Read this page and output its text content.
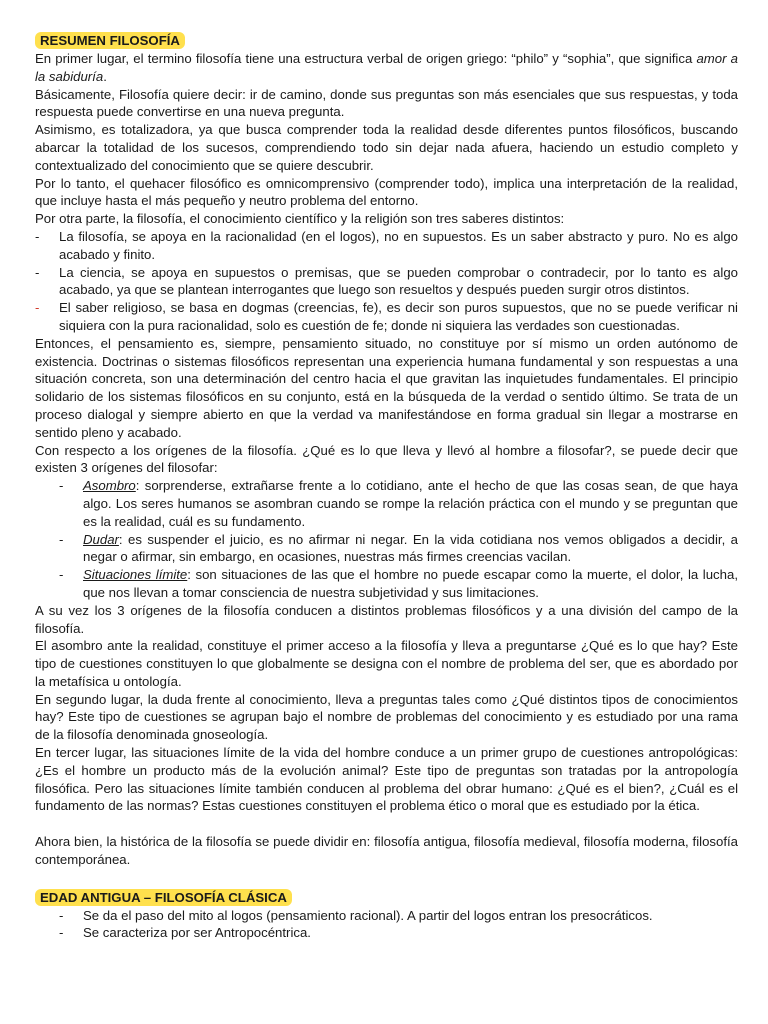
RESUMEN FILOSOFÍA

En primer lugar, el termino filosofía tiene una estructura verbal de origen griego: “philo” y “sophia”, que significa amor a la sabiduría.

Básicamente, Filosofía quiere decir: ir de camino, donde sus preguntas son más esenciales que sus respuestas, y toda respuesta puede convertirse en una nueva pregunta.

Asimismo, es totalizadora, ya que busca comprender toda la realidad desde diferentes puntos filosóficos, buscando abarcar la totalidad de los sucesos, comprendiendo todo sin dejar nada afuera, haciendo un estudio completo y contextualizado del conocimiento que se quiere descubrir.

Por lo tanto, el quehacer filosófico es omnicomprensivo (comprender todo), implica una interpretación de la realidad, que incluye hasta el más pequeño y neutro problema del entorno.

Por otra parte, la filosofía, el conocimiento científico y la religión son tres saberes distintos:

- La filosofía, se apoya en la racionalidad (en el logos), no en supuestos. Es un saber abstracto y puro. No es algo acabado y finito.
- La ciencia, se apoya en supuestos o premisas, que se pueden comprobar o contradecir, por lo tanto es algo acabado, ya que se plantean interrogantes que luego son resueltos y después pueden surgir otros distintos.
- El saber religioso, se basa en dogmas (creencias, fe), es decir son puros supuestos, que no se puede verificar ni siquiera con la pura racionalidad, solo es cuestión de fe; donde ni siquiera las verdades son cuestionadas.

Entonces, el pensamiento es, siempre, pensamiento situado, no constituye por sí mismo un orden autónomo de existencia. Doctrinas o sistemas filosóficos representan una experiencia humana fundamental y son respuestas a una situación concreta, son una determinación del centro hacia el que gravitan las inquietudes fundamentales. El principio solidario de los sistemas filosóficos en su conjunto, está en la búsqueda de la verdad o sentido último. Se trata de un proceso dialogal y siempre abierto en que la verdad va manifestándose en forma gradual sin llegar a mostrarse en sentido pleno y acabado.

Con respecto a los orígenes de la filosofía. ¿Qué es lo que lleva y llevó al hombre a filosofar?, se puede decir que existen 3 orígenes del filosofar:

- Asombro: sorprenderse, extrañarse frente a lo cotidiano, ante el hecho de que las cosas sean, de que haya algo. Los seres humanos se asombran cuando se rompe la relación práctica con el mundo y se preguntan que es la realidad, cuál es su fundamento.
- Dudar: es suspender el juicio, es no afirmar ni negar. En la vida cotidiana nos vemos obligados a decidir, a negar o afirmar, sin embargo, en ocasiones, nuestras más firmes creencias vacilan.
- Situaciones límite: son situaciones de las que el hombre no puede escapar como la muerte, el dolor, la lucha, que nos llevan a tomar consciencia de nuestra subjetividad y sus limitaciones.

A su vez los 3 orígenes de la filosofía conducen a distintos problemas filosóficos y a una división del campo de la filosofía.

El asombro ante la realidad, constituye el primer acceso a la filosofía y lleva a preguntarse ¿Qué es lo que hay? Este tipo de cuestiones constituyen lo que globalmente se designa con el nombre de problema del ser, que es abordado por la metafísica u ontología.

En segundo lugar, la duda frente al conocimiento, lleva a preguntas tales como ¿Qué distintos tipos de conocimientos hay? Este tipo de cuestiones se agrupan bajo el nombre de problemas del conocimiento y es estudiado por una rama de la filosofía denominada gnoseología.

En tercer lugar, las situaciones límite de la vida del hombre conduce a un primer grupo de cuestiones antropológicas: ¿Es el hombre un producto más de la evolución animal? Este tipo de preguntas son tratadas por la antropología filosófica. Pero las situaciones límite también conducen al problema del obrar humano: ¿Qué es el bien?, ¿Cuál es el fundamento de las normas? Estas cuestiones constituyen el problema ético o moral que es estudiado por la ética.

Ahora bien, la histórica de la filosofía se puede dividir en: filosofía antigua, filosofía medieval, filosofía moderna, filosofía contemporánea.

EDAD ANTIGUA – FILOSOFÍA CLÁSICA
- Se da el paso del mito al logos (pensamiento racional). A partir del logos entran los presocráticos.
- Se caracteriza por ser Antropocéntrica.
